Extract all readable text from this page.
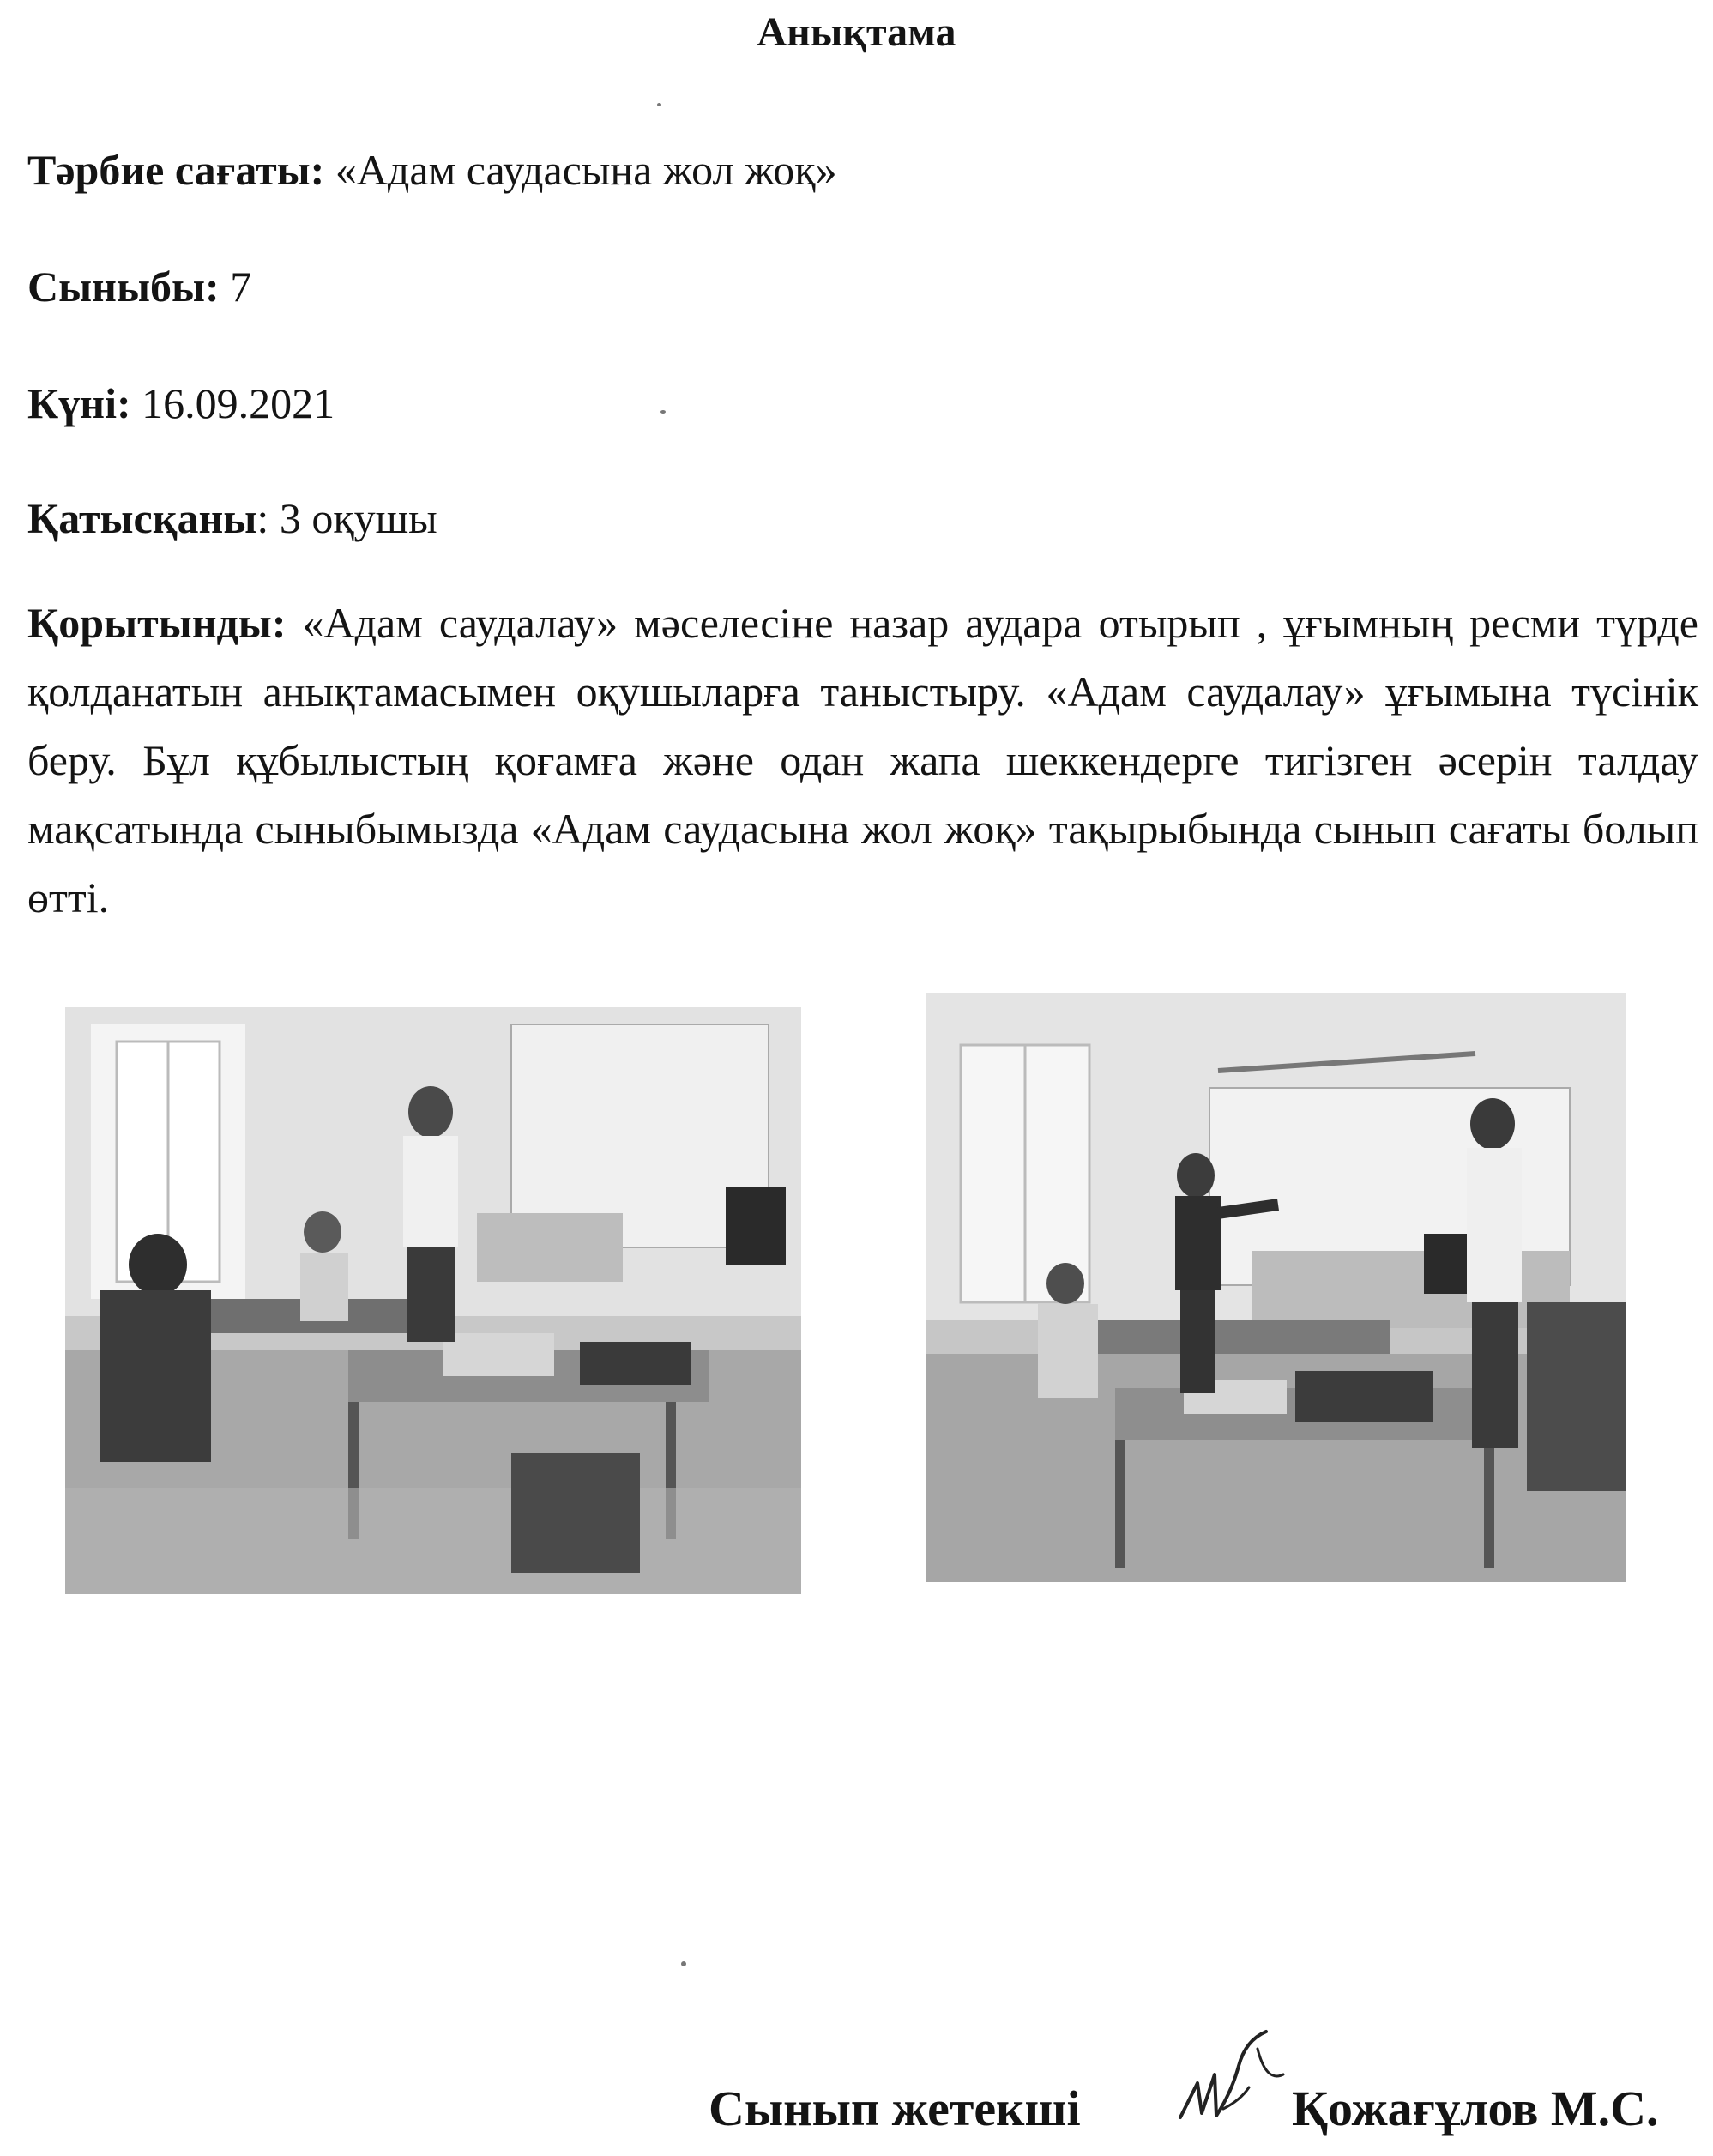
Анықтама
Тәрбие сағаты: «Адам саудасына жол жоқ»
Сыныбы: 7
Күні: 16.09.2021
Қатысқаны: 3 оқушы
Қорытынды: «Адам саудалау» мәселесіне назар аудара отырып , ұғымның ресми түрде қолданатын анықтамасымен оқушыларға таныстыру. «Адам саудалау» ұғымына түсінік беру. Бұл құбылыстың қоғамға және одан жапа шеккендерге тигізген әсерін талдау мақсатында сыныбымызда «Адам саудасына жол жоқ» тақырыбында сынып сағаты болып өтті.
Сынып жетекші	Қожағұлов М.С.
